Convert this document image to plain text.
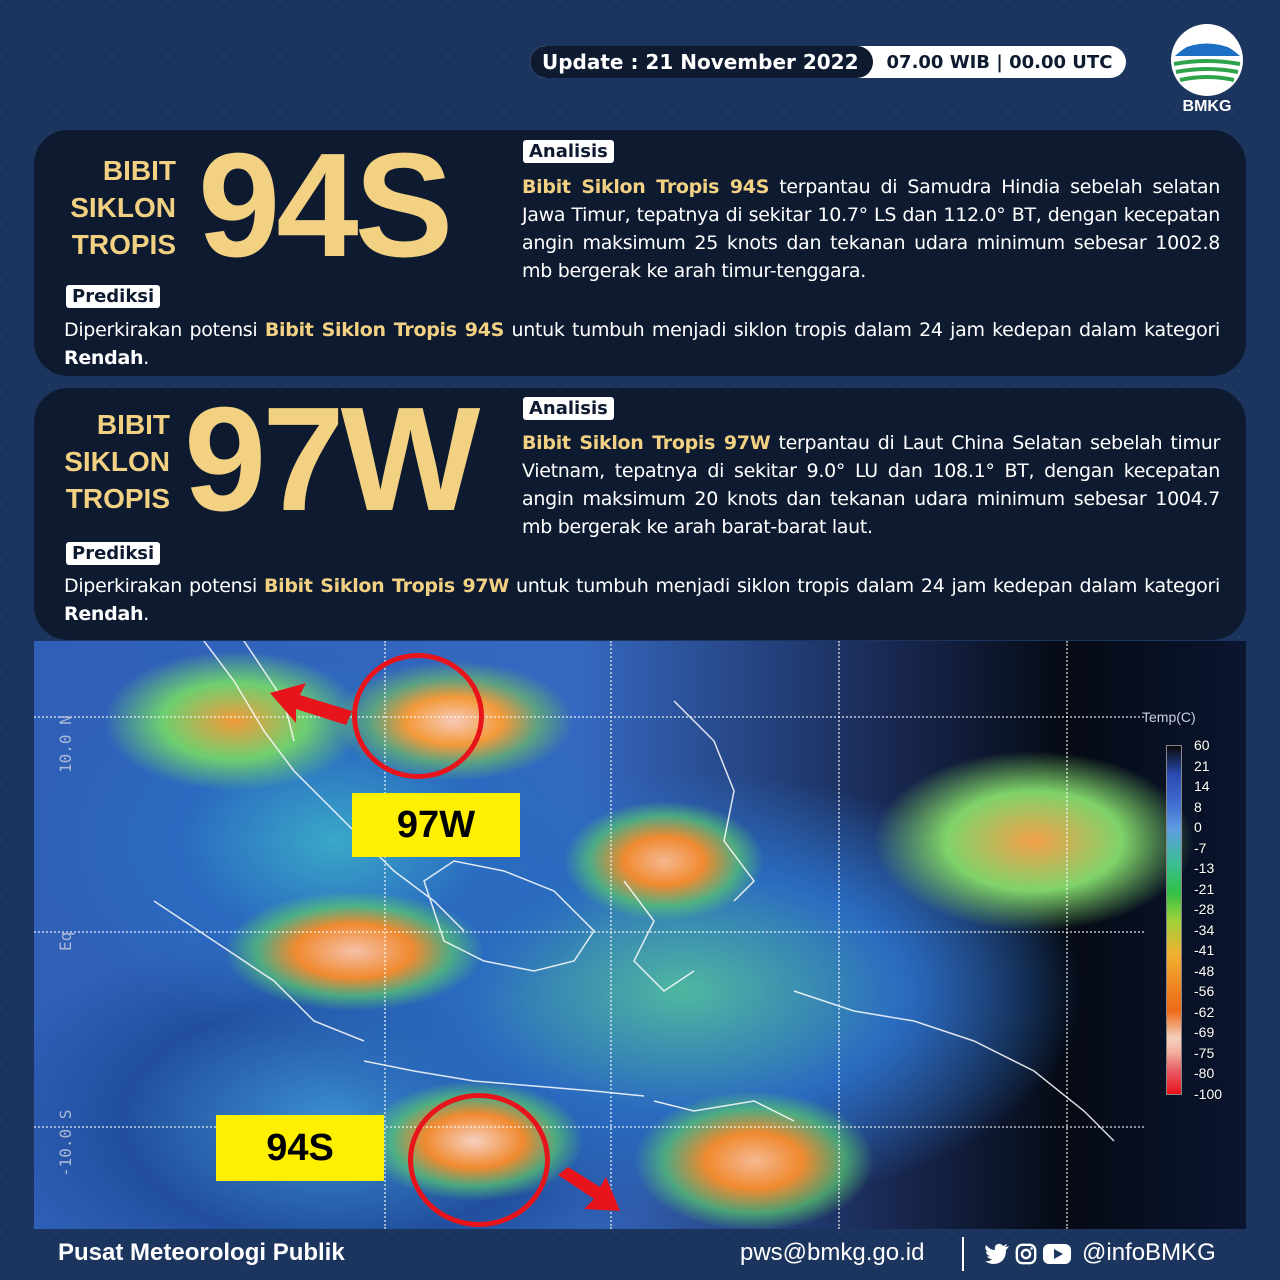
Update : 21 November 2022	07.00 WIB | 00.00 UTC
BMKG
BIBIT
SIKLON
TROPIS 94S	Analisis
Bibit Siklon Tropis 94S terpantau di Samudra Hindia sebelah selatan Jawa Timur, tepatnya di sekitar 10.7° LS dan 112.0° BT, dengan kecepatan angin maksimum 25 knots dan tekanan udara minimum sebesar 1002.8 mb bergerak ke arah timur-tenggara.
Prediksi
Diperkirakan potensi Bibit Siklon Tropis 94S untuk tumbuh menjadi siklon tropis dalam 24 jam kedepan dalam kategori Rendah.
BIBIT
SIKLON
TROPIS 97W	Analisis
Bibit Siklon Tropis 97W terpantau di Laut China Selatan sebelah timur Vietnam, tepatnya di sekitar 9.0° LU dan 108.1° BT, dengan kecepatan angin maksimum 20 knots dan tekanan udara minimum sebesar 1004.7 mb bergerak ke arah barat-barat laut.
Prediksi
Diperkirakan potensi Bibit Siklon Tropis 97W untuk tumbuh menjadi siklon tropis dalam 24 jam kedepan dalam kategori Rendah.
10.0 N
Eq
-10.0 S
97W
94S
Temp(C)
60
21
14
8
0
-7
-13
-21
-28
-34
-41
-48
-56
-62
-69
-75
-80
-100
Pusat Meteorologi Publik	pws@bmkg.go.id	@infoBMKG
